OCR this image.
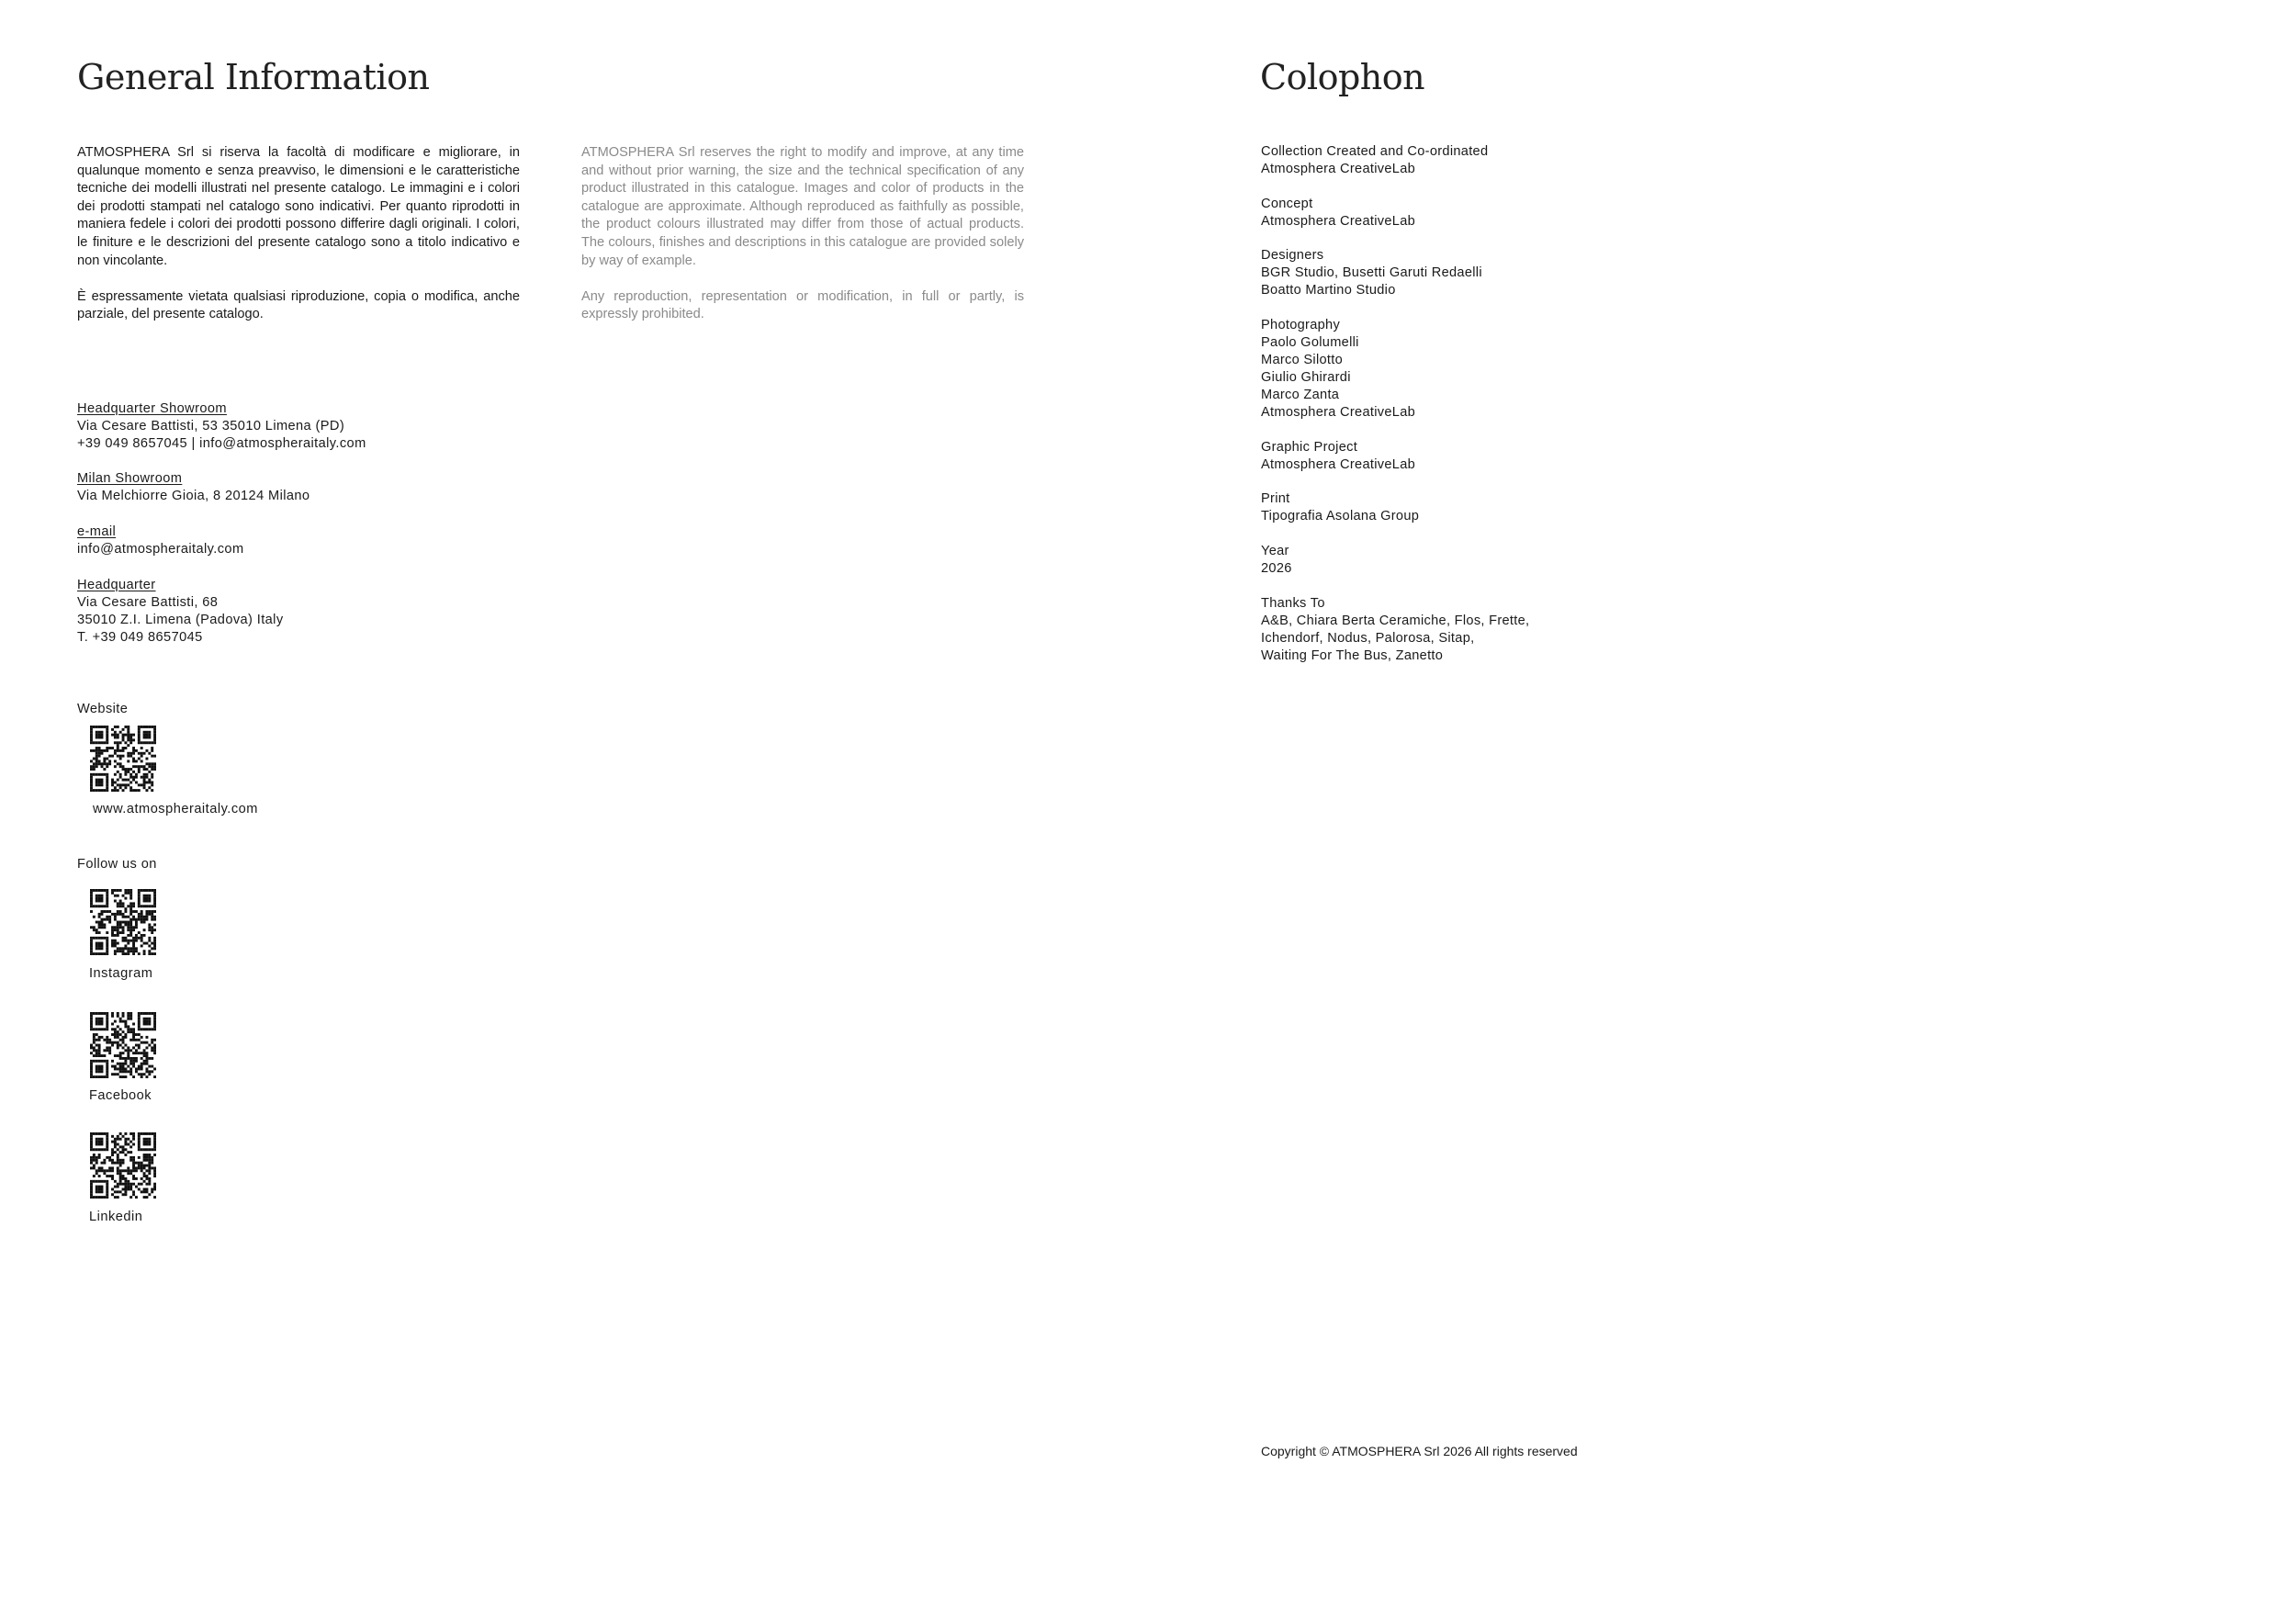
General Information

ATMOSPHERA Srl si riserva la facoltà di modificare e migliorare, in qualunque momento e senza preavviso, le dimensioni e le caratteristiche tecniche dei modelli illustrati nel presente catalogo. Le immagini e i colori dei prodotti stampati nel catalogo sono indicativi. Per quanto riprodotti in maniera fedele i colori dei prodotti possono differire dagli originali. I colori, le finiture e le descrizioni del presente catalogo sono a titolo indicativo e non vincolante.

È espressamente vietata qualsiasi riproduzione, copia o modifica, anche parziale, del presente catalogo.

ATMOSPHERA Srl reserves the right to modify and improve, at any time and without prior warning, the size and the technical specification of any product illustrated in this catalogue. Images and color of products in the catalogue are approximate. Although reproduced as faithfully as possible, the product colours illustrated may differ from those of actual products. The colours, finishes and descriptions in this catalogue are provided solely by way of example.

Any reproduction, representation or modification, in full or partly, is expressly prohibited.

Headquarter Showroom
Via Cesare Battisti, 53 35010 Limena (PD)
+39 049 8657045 | info@atmospheraitaly.com
Milan Showroom
Via Melchiorre Gioia, 8 20124 Milano
e-mail
info@atmospheraitaly.com
Headquarter
Via Cesare Battisti, 68
35010 Z.I. Limena (Padova) Italy
T. +39 049 8657045
Website
www.atmospheraitaly.com
Follow us on
Instagram
Facebook
Linkedin
Colophon
Collection Created and Co-ordinated
Atmosphera CreativeLab
Concept
Atmosphera CreativeLab
Designers
BGR Studio, Busetti Garuti Redaelli
Boatto Martino Studio
Photography
Paolo Golumelli
Marco Silotto
Giulio Ghirardi
Marco Zanta
Atmosphera CreativeLab
Graphic Project
Atmosphera CreativeLab
Print
Tipografia Asolana Group
Year
2026
Thanks To
A&B, Chiara Berta Ceramiche, Flos, Frette,
Ichendorf, Nodus, Palorosa, Sitap,
Waiting For The Bus, Zanetto
Copyright © ATMOSPHERA Srl 2026 All rights reserved
